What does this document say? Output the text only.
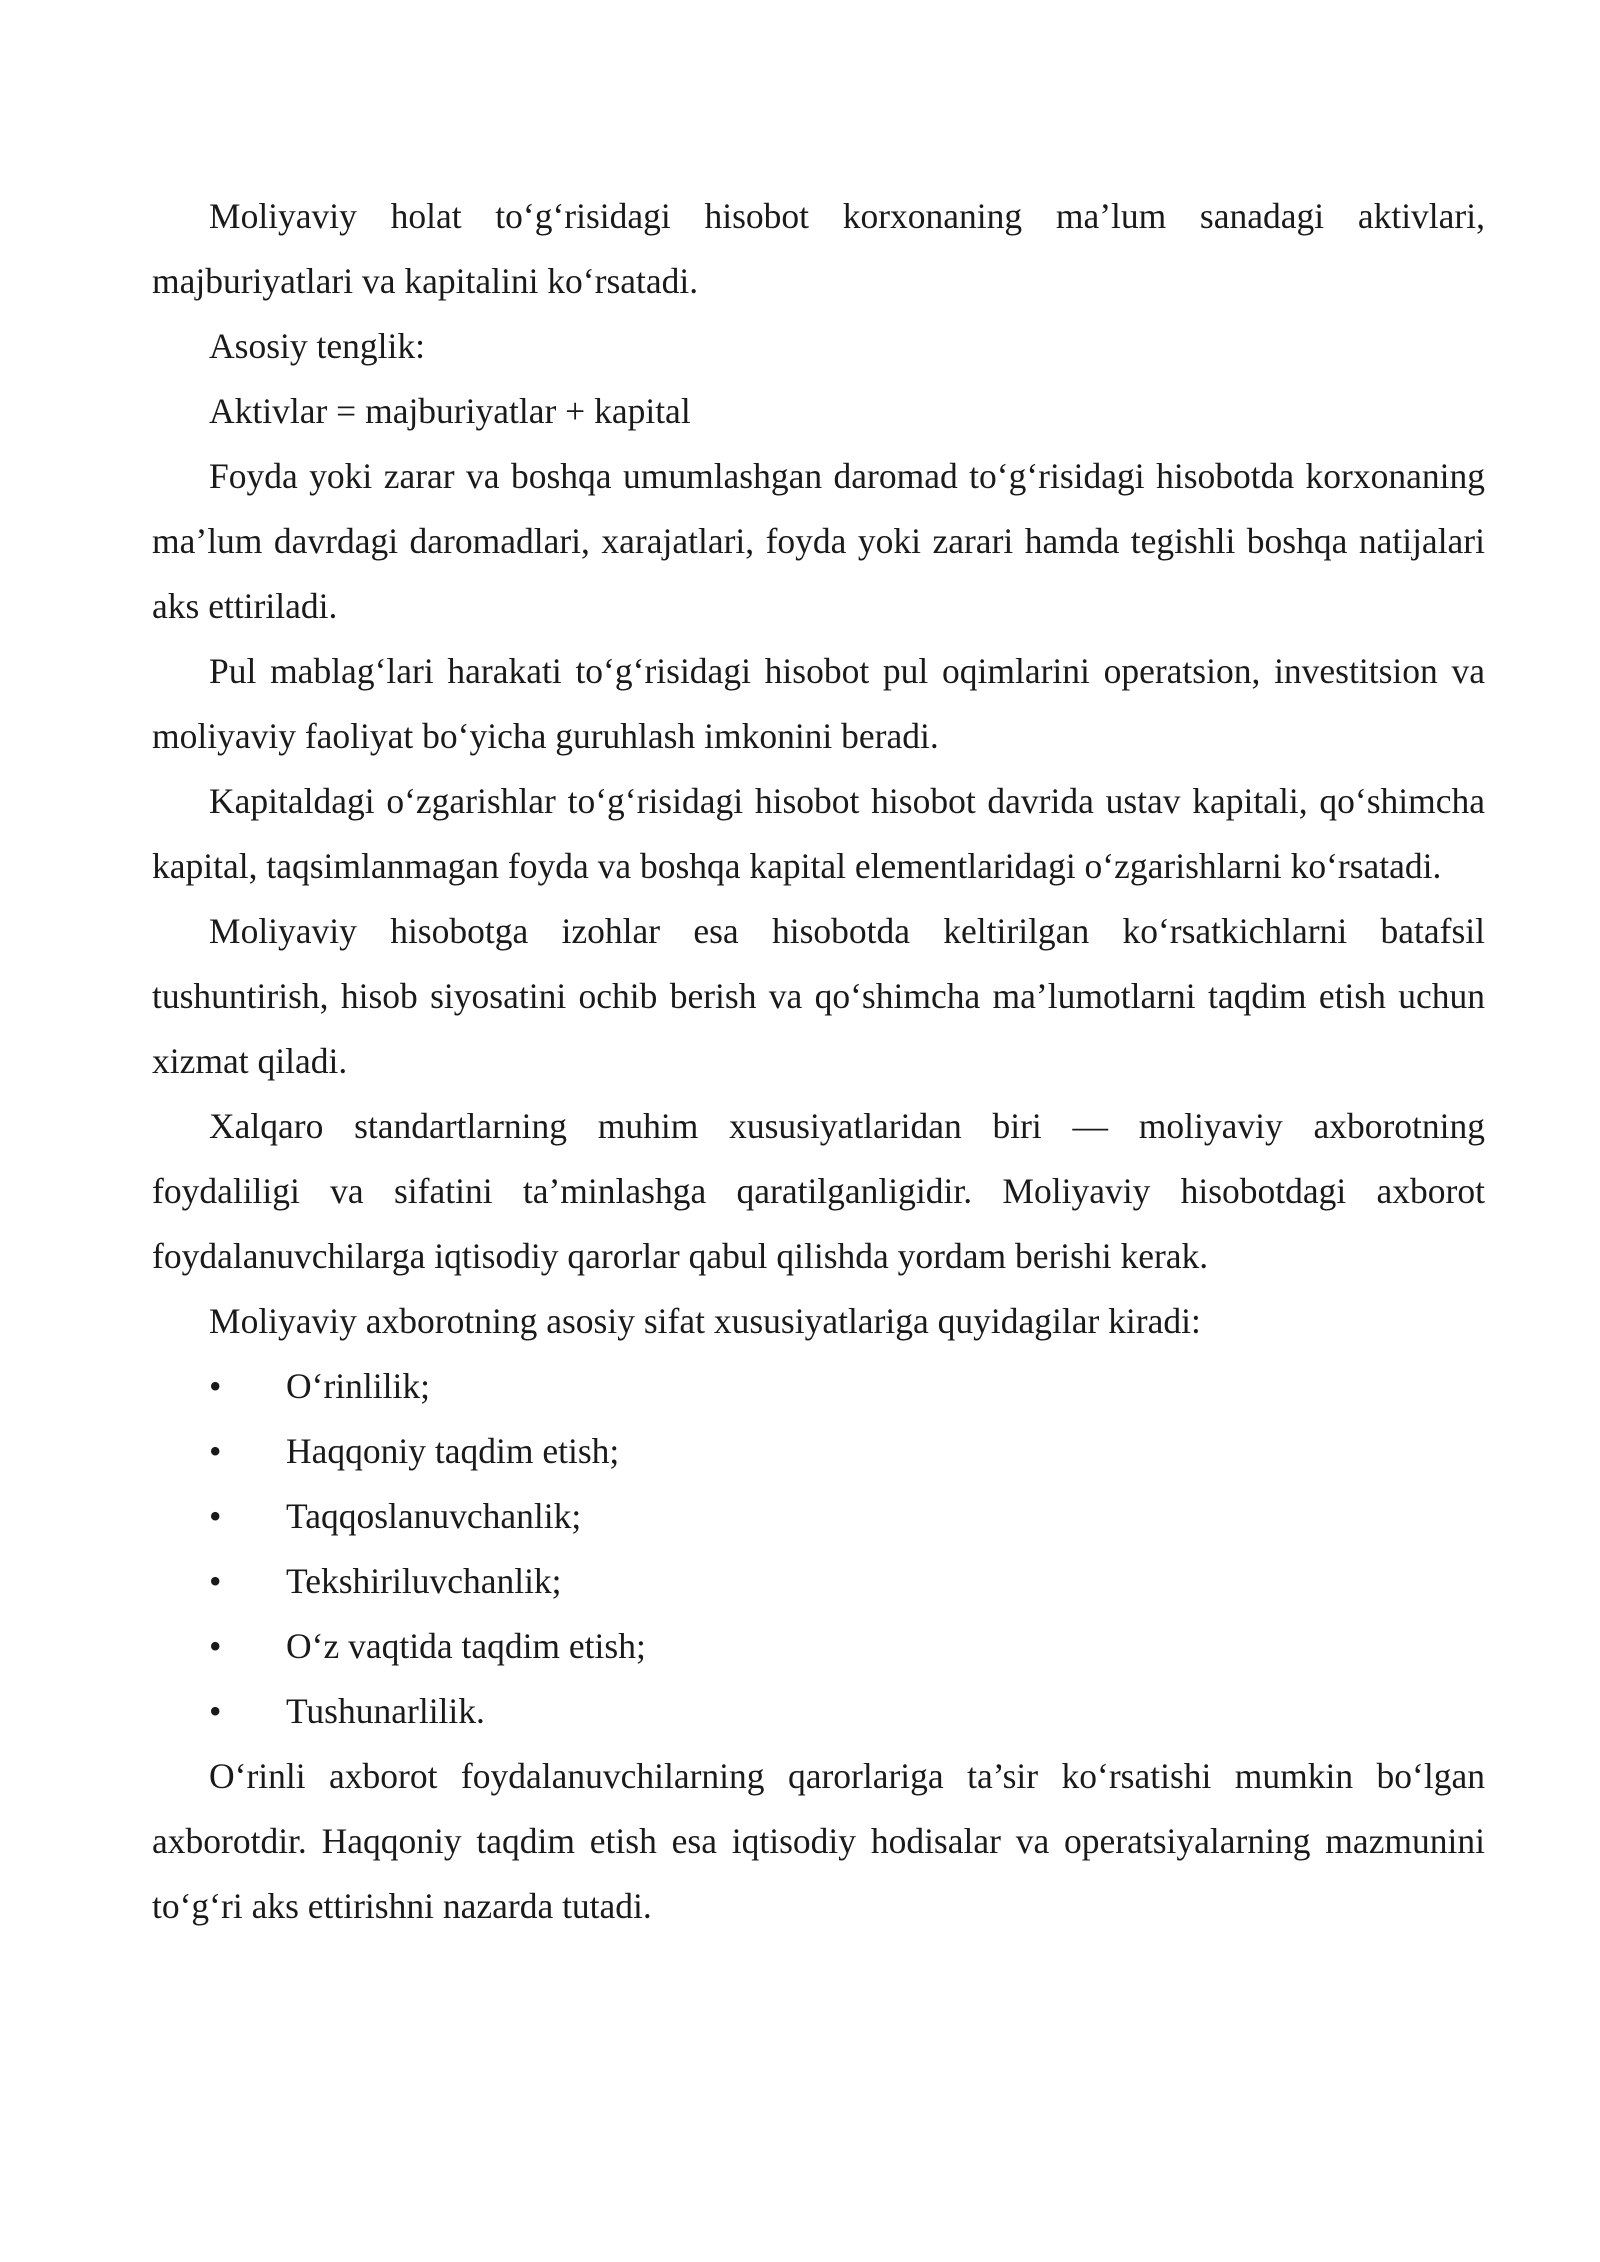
Moliyaviy holat to‘g‘risidagi hisobot korxonaning ma’lum sanadagi aktivlari, majburiyatlari va kapitalini ko‘rsatadi.

Asosiy tenglik:

Aktivlar = majburiyatlar + kapital

Foyda yoki zarar va boshqa umumlashgan daromad to‘g‘risidagi hisobotda korxonaning ma’lum davrdagi daromadlari, xarajatlari, foyda yoki zarari hamda tegishli boshqa natijalari aks ettiriladi.

Pul mablag‘lari harakati to‘g‘risidagi hisobot pul oqimlarini operatsion, investitsion va moliyaviy faoliyat bo‘yicha guruhlash imkonini beradi.

Kapitaldagi o‘zgarishlar to‘g‘risidagi hisobot hisobot davrida ustav kapitali, qo‘shimcha kapital, taqsimlanmagan foyda va boshqa kapital elementlaridagi o‘zgarishlarni ko‘rsatadi.

Moliyaviy hisobotga izohlar esa hisobotda keltirilgan ko‘rsatkichlarni batafsil tushuntirish, hisob siyosatini ochib berish va qo‘shimcha ma’lumotlarni taqdim etish uchun xizmat qiladi.

Xalqaro standartlarning muhim xususiyatlaridan biri — moliyaviy axborotning foydaliligi va sifatini ta’minlashga qaratilganligidir. Moliyaviy hisobotdagi axborot foydalanuvchilarga iqtisodiy qarorlar qabul qilishda yordam berishi kerak.

Moliyaviy axborotning asosiy sifat xususiyatlariga quyidagilar kiradi:

• O‘rinlilik;
• Haqqoniy taqdim etish;
• Taqqoslanuvchanlik;
• Tekshiriluvchanlik;
• O‘z vaqtida taqdim etish;
• Tushunarlilik.

O‘rinli axborot foydalanuvchilarning qarorlariga ta’sir ko‘rsatishi mumkin bo‘lgan axborotdir. Haqqoniy taqdim etish esa iqtisodiy hodisalar va operatsiyalarning mazmunini to‘g‘ri aks ettirishni nazarda tutadi.
